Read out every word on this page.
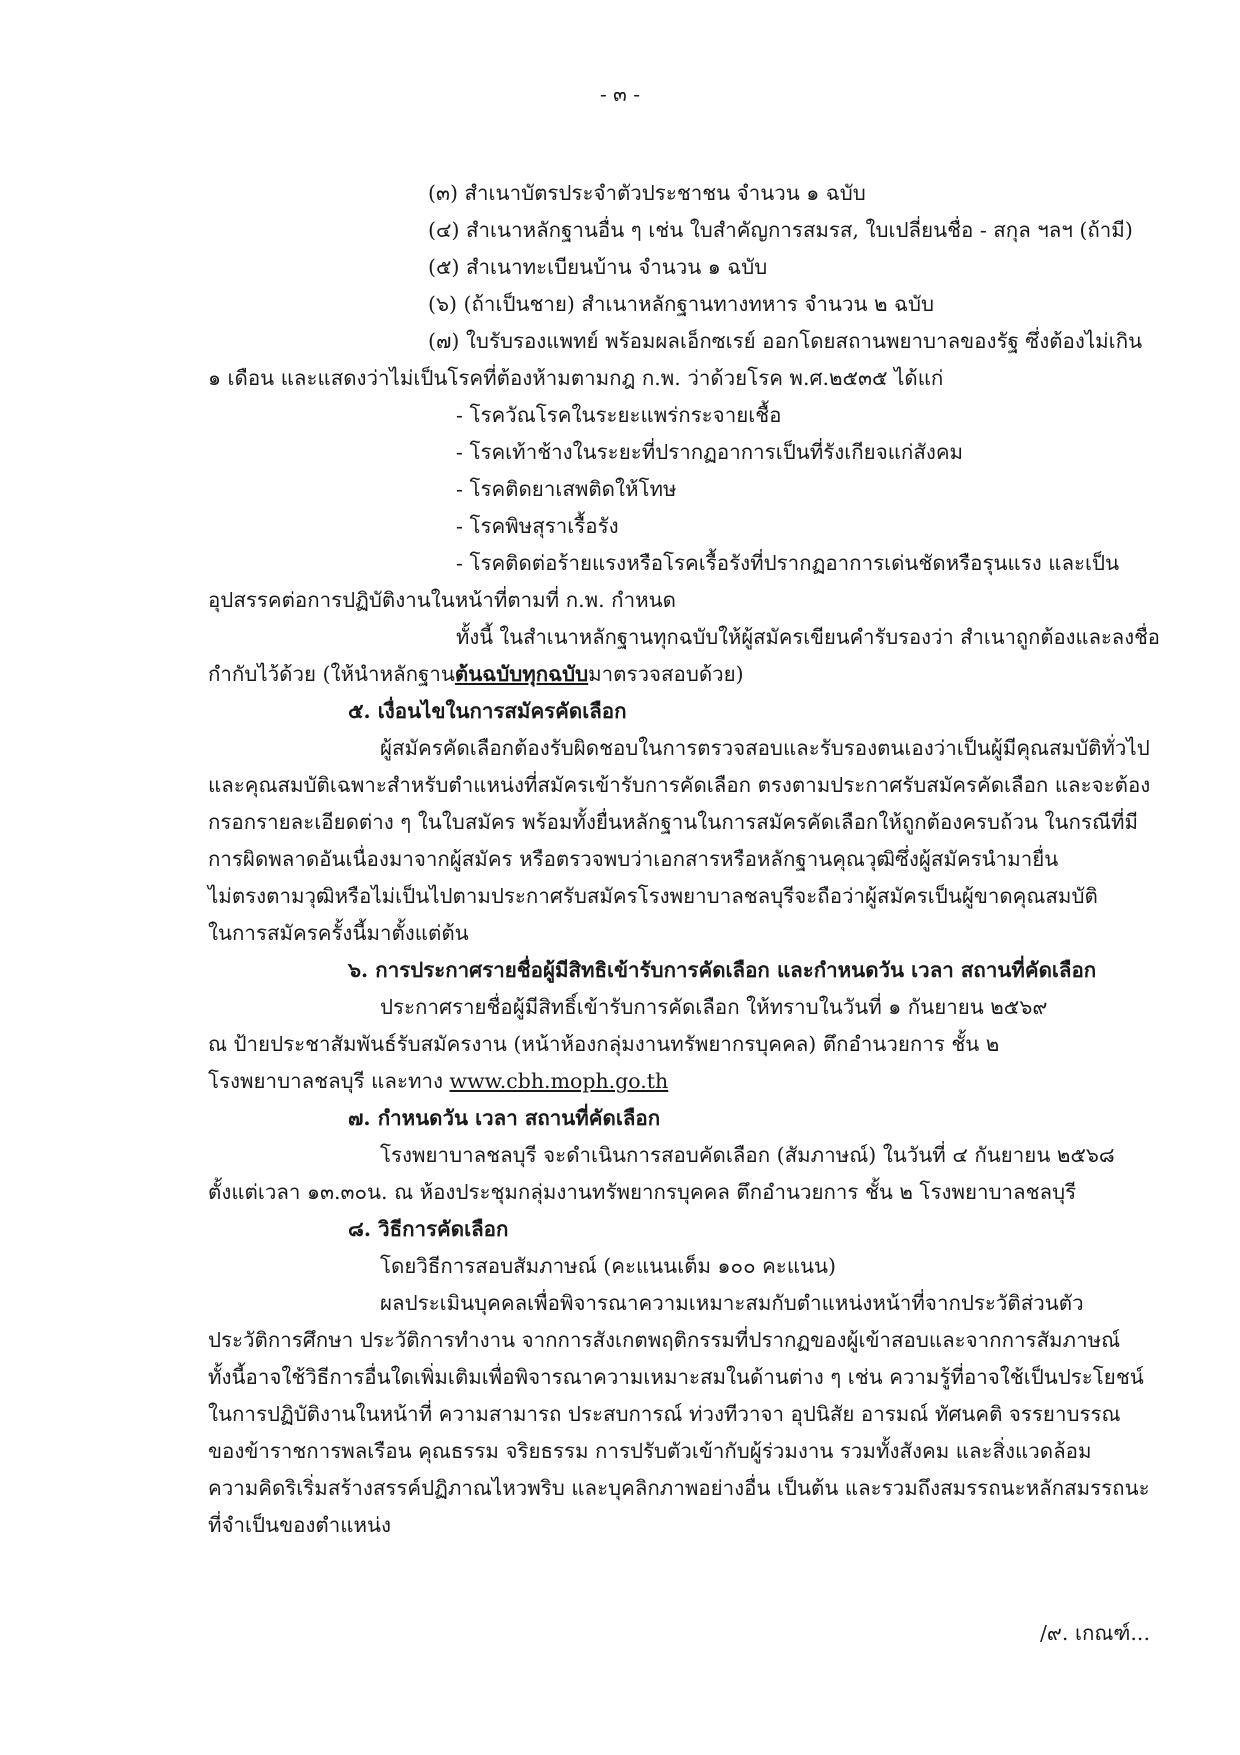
- ๓ -
(๓) สำเนาบัตรประจำตัวประชาชน จำนวน ๑ ฉบับ
(๔) สำเนาหลักฐานอื่น ๆ เช่น ใบสำคัญการสมรส, ใบเปลี่ยนชื่อ - สกุล ฯลฯ (ถ้ามี)
(๕) สำเนาทะเบียนบ้าน จำนวน ๑ ฉบับ
(๖) (ถ้าเป็นชาย) สำเนาหลักฐานทางทหาร จำนวน ๒ ฉบับ
(๗) ใบรับรองแพทย์ พร้อมผลเอ็กซเรย์ ออกโดยสถานพยาบาลของรัฐ ซึ่งต้องไม่เกิน
๑ เดือน และแสดงว่าไม่เป็นโรคที่ต้องห้ามตามกฎ ก.พ. ว่าด้วยโรค พ.ศ.๒๕๓๕ ได้แก่
- โรควัณโรคในระยะแพร่กระจายเชื้อ
- โรคเท้าช้างในระยะที่ปรากฏอาการเป็นที่รังเกียจแก่สังคม
- โรคติดยาเสพติดให้โทษ
- โรคพิษสุราเรื้อรัง
- โรคติดต่อร้ายแรงหรือโรคเรื้อรังที่ปรากฏอาการเด่นชัดหรือรุนแรง และเป็น
อุปสรรคต่อการปฏิบัติงานในหน้าที่ตามที่ ก.พ. กำหนด
ทั้งนี้ ในสำเนาหลักฐานทุกฉบับให้ผู้สมัครเขียนคำรับรองว่า สำเนาถูกต้องและลงชื่อ
กำกับไว้ด้วย (ให้นำหลักฐานต้นฉบับทุกฉบับมาตรวจสอบด้วย)
๕. เงื่อนไขในการสมัครคัดเลือก
ผู้สมัครคัดเลือกต้องรับผิดชอบในการตรวจสอบและรับรองตนเองว่าเป็นผู้มีคุณสมบัติทั่วไป
และคุณสมบัติเฉพาะสำหรับตำแหน่งที่สมัครเข้ารับการคัดเลือก ตรงตามประกาศรับสมัครคัดเลือก และจะต้อง
กรอกรายละเอียดต่าง ๆ ในใบสมัคร พร้อมทั้งยื่นหลักฐานในการสมัครคัดเลือกให้ถูกต้องครบถ้วน ในกรณีที่มี
การผิดพลาดอันเนื่องมาจากผู้สมัคร หรือตรวจพบว่าเอกสารหรือหลักฐานคุณวุฒิซึ่งผู้สมัครนำมายื่น
ไม่ตรงตามวุฒิหรือไม่เป็นไปตามประกาศรับสมัครโรงพยาบาลชลบุรีจะถือว่าผู้สมัครเป็นผู้ขาดคุณสมบัติ
ในการสมัครครั้งนี้มาตั้งแต่ต้น
๖. การประกาศรายชื่อผู้มีสิทธิเข้ารับการคัดเลือก และกำหนดวัน เวลา สถานที่คัดเลือก
ประกาศรายชื่อผู้มีสิทธิ์เข้ารับการคัดเลือก ให้ทราบในวันที่ ๑ กันยายน ๒๕๖๙
ณ ป้ายประชาสัมพันธ์รับสมัครงาน (หน้าห้องกลุ่มงานทรัพยากรบุคคล) ตึกอำนวยการ ชั้น ๒
โรงพยาบาลชลบุรี และทาง www.cbh.moph.go.th
๗. กำหนดวัน เวลา สถานที่คัดเลือก
โรงพยาบาลชลบุรี จะดำเนินการสอบคัดเลือก (สัมภาษณ์) ในวันที่ ๔ กันยายน ๒๕๖๘
ตั้งแต่เวลา ๑๓.๓๐น. ณ ห้องประชุมกลุ่มงานทรัพยากรบุคคล ตึกอำนวยการ ชั้น ๒ โรงพยาบาลชลบุรี
๘. วิธีการคัดเลือก
โดยวิธีการสอบสัมภาษณ์ (คะแนนเต็ม ๑๐๐ คะแนน)
ผลประเมินบุคคลเพื่อพิจารณาความเหมาะสมกับตำแหน่งหน้าที่จากประวัติส่วนตัว
ประวัติการศึกษา ประวัติการทำงาน จากการสังเกตพฤติกรรมที่ปรากฏของผู้เข้าสอบและจากการสัมภาษณ์
ทั้งนี้อาจใช้วิธีการอื่นใดเพิ่มเติมเพื่อพิจารณาความเหมาะสมในด้านต่าง ๆ เช่น ความรู้ที่อาจใช้เป็นประโยชน์
ในการปฏิบัติงานในหน้าที่ ความสามารถ ประสบการณ์ ท่วงทีวาจา อุปนิสัย อารมณ์ ทัศนคติ จรรยาบรรณ
ของข้าราชการพลเรือน คุณธรรม จริยธรรม การปรับตัวเข้ากับผู้ร่วมงาน รวมทั้งสังคม และสิ่งแวดล้อม
ความคิดริเริ่มสร้างสรรค์ปฏิภาณไหวพริบ และบุคลิกภาพอย่างอื่น เป็นต้น และรวมถึงสมรรถนะหลักสมรรถนะ
ที่จำเป็นของตำแหน่ง
/๙. เกณฑ์...
